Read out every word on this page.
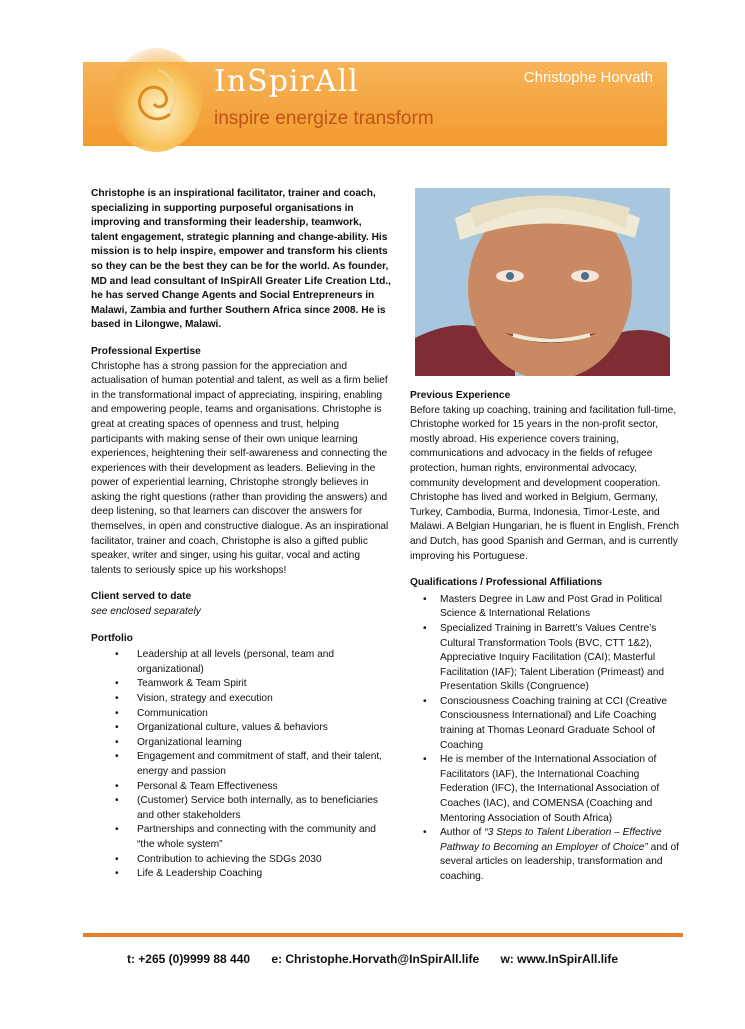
InSpirAll
inspire energize transform
Christophe Horvath

Christophe is an inspirational facilitator, trainer and coach, specializing in supporting purposeful organisations in improving and transforming their leadership, teamwork, talent engagement, strategic planning and change-ability. His mission is to help inspire, empower and transform his clients so they can be the best they can be for the world. As founder, MD and lead consultant of InSpirAll Greater Life Creation Ltd., he has served Change Agents and Social Entrepreneurs in Malawi, Zambia and further Southern Africa since 2008. He is based in Lilongwe, Malawi.

Professional Expertise

Christophe has a strong passion for the appreciation and actualisation of human potential and talent, as well as a firm belief in the transformational impact of appreciating, inspiring, enabling and empowering people, teams and organisations. Christophe is great at creating spaces of openness and trust, helping participants with making sense of their own unique learning experiences, heightening their self-awareness and connecting the experiences with their development as leaders. Believing in the power of experiential learning, Christophe strongly believes in asking the right questions (rather than providing the answers) and deep listening, so that learners can discover the answers for themselves, in open and constructive dialogue. As an inspirational facilitator, trainer and coach, Christophe is also a gifted public speaker, writer and singer, using his guitar, vocal and acting talents to seriously spice up his workshops!

Client served to date

see enclosed separately

Portfolio

• Leadership at all levels (personal, team and organizational)
• Teamwork & Team Spirit
• Vision, strategy and execution
• Communication
• Organizational culture, values & behaviors
• Organizational learning
• Engagement and commitment of staff, and their talent, energy and passion
• Personal & Team Effectiveness
• (Customer) Service both internally, as to beneficiaries and other stakeholders
• Partnerships and connecting with the community and “the whole system”
• Contribution to achieving the SDGs 2030
• Life & Leadership Coaching

Previous Experience

Before taking up coaching, training and facilitation full-time, Christophe worked for 15 years in the non-profit sector, mostly abroad. His experience covers training, communications and advocacy in the fields of refugee protection, human rights, environmental advocacy, community development and development cooperation. Christophe has lived and worked in Belgium, Germany, Turkey, Cambodia, Burma, Indonesia, Timor-Leste, and Malawi. A Belgian Hungarian, he is fluent in English, French and Dutch, has good Spanish and German, and is currently improving his Portuguese.

Qualifications / Professional Affiliations

• Masters Degree in Law and Post Grad in Political Science & International Relations
• Specialized Training in Barrett’s Values Centre’s Cultural Transformation Tools (BVC, CTT 1&2), Appreciative Inquiry Facilitation (CAI); Masterful Facilitation (IAF); Talent Liberation (Primeast) and Presentation Skills (Congruence)
• Consciousness Coaching training at CCI (Creative Consciousness International) and Life Coaching training at Thomas Leonard Graduate School of Coaching
• He is member of the International Association of Facilitators (IAF), the International Coaching Federation (IFC), the International Association of Coaches (IAC), and COMENSA (Coaching and Mentoring Association of South Africa)
• Author of “3 Steps to Talent Liberation – Effective Pathway to Becoming an Employer of Choice” and of several articles on leadership, transformation and coaching.
t: +265 (0)9999 88 440 e: Christophe.Horvath@InSpirAll.life w: www.InSpirAll.life
